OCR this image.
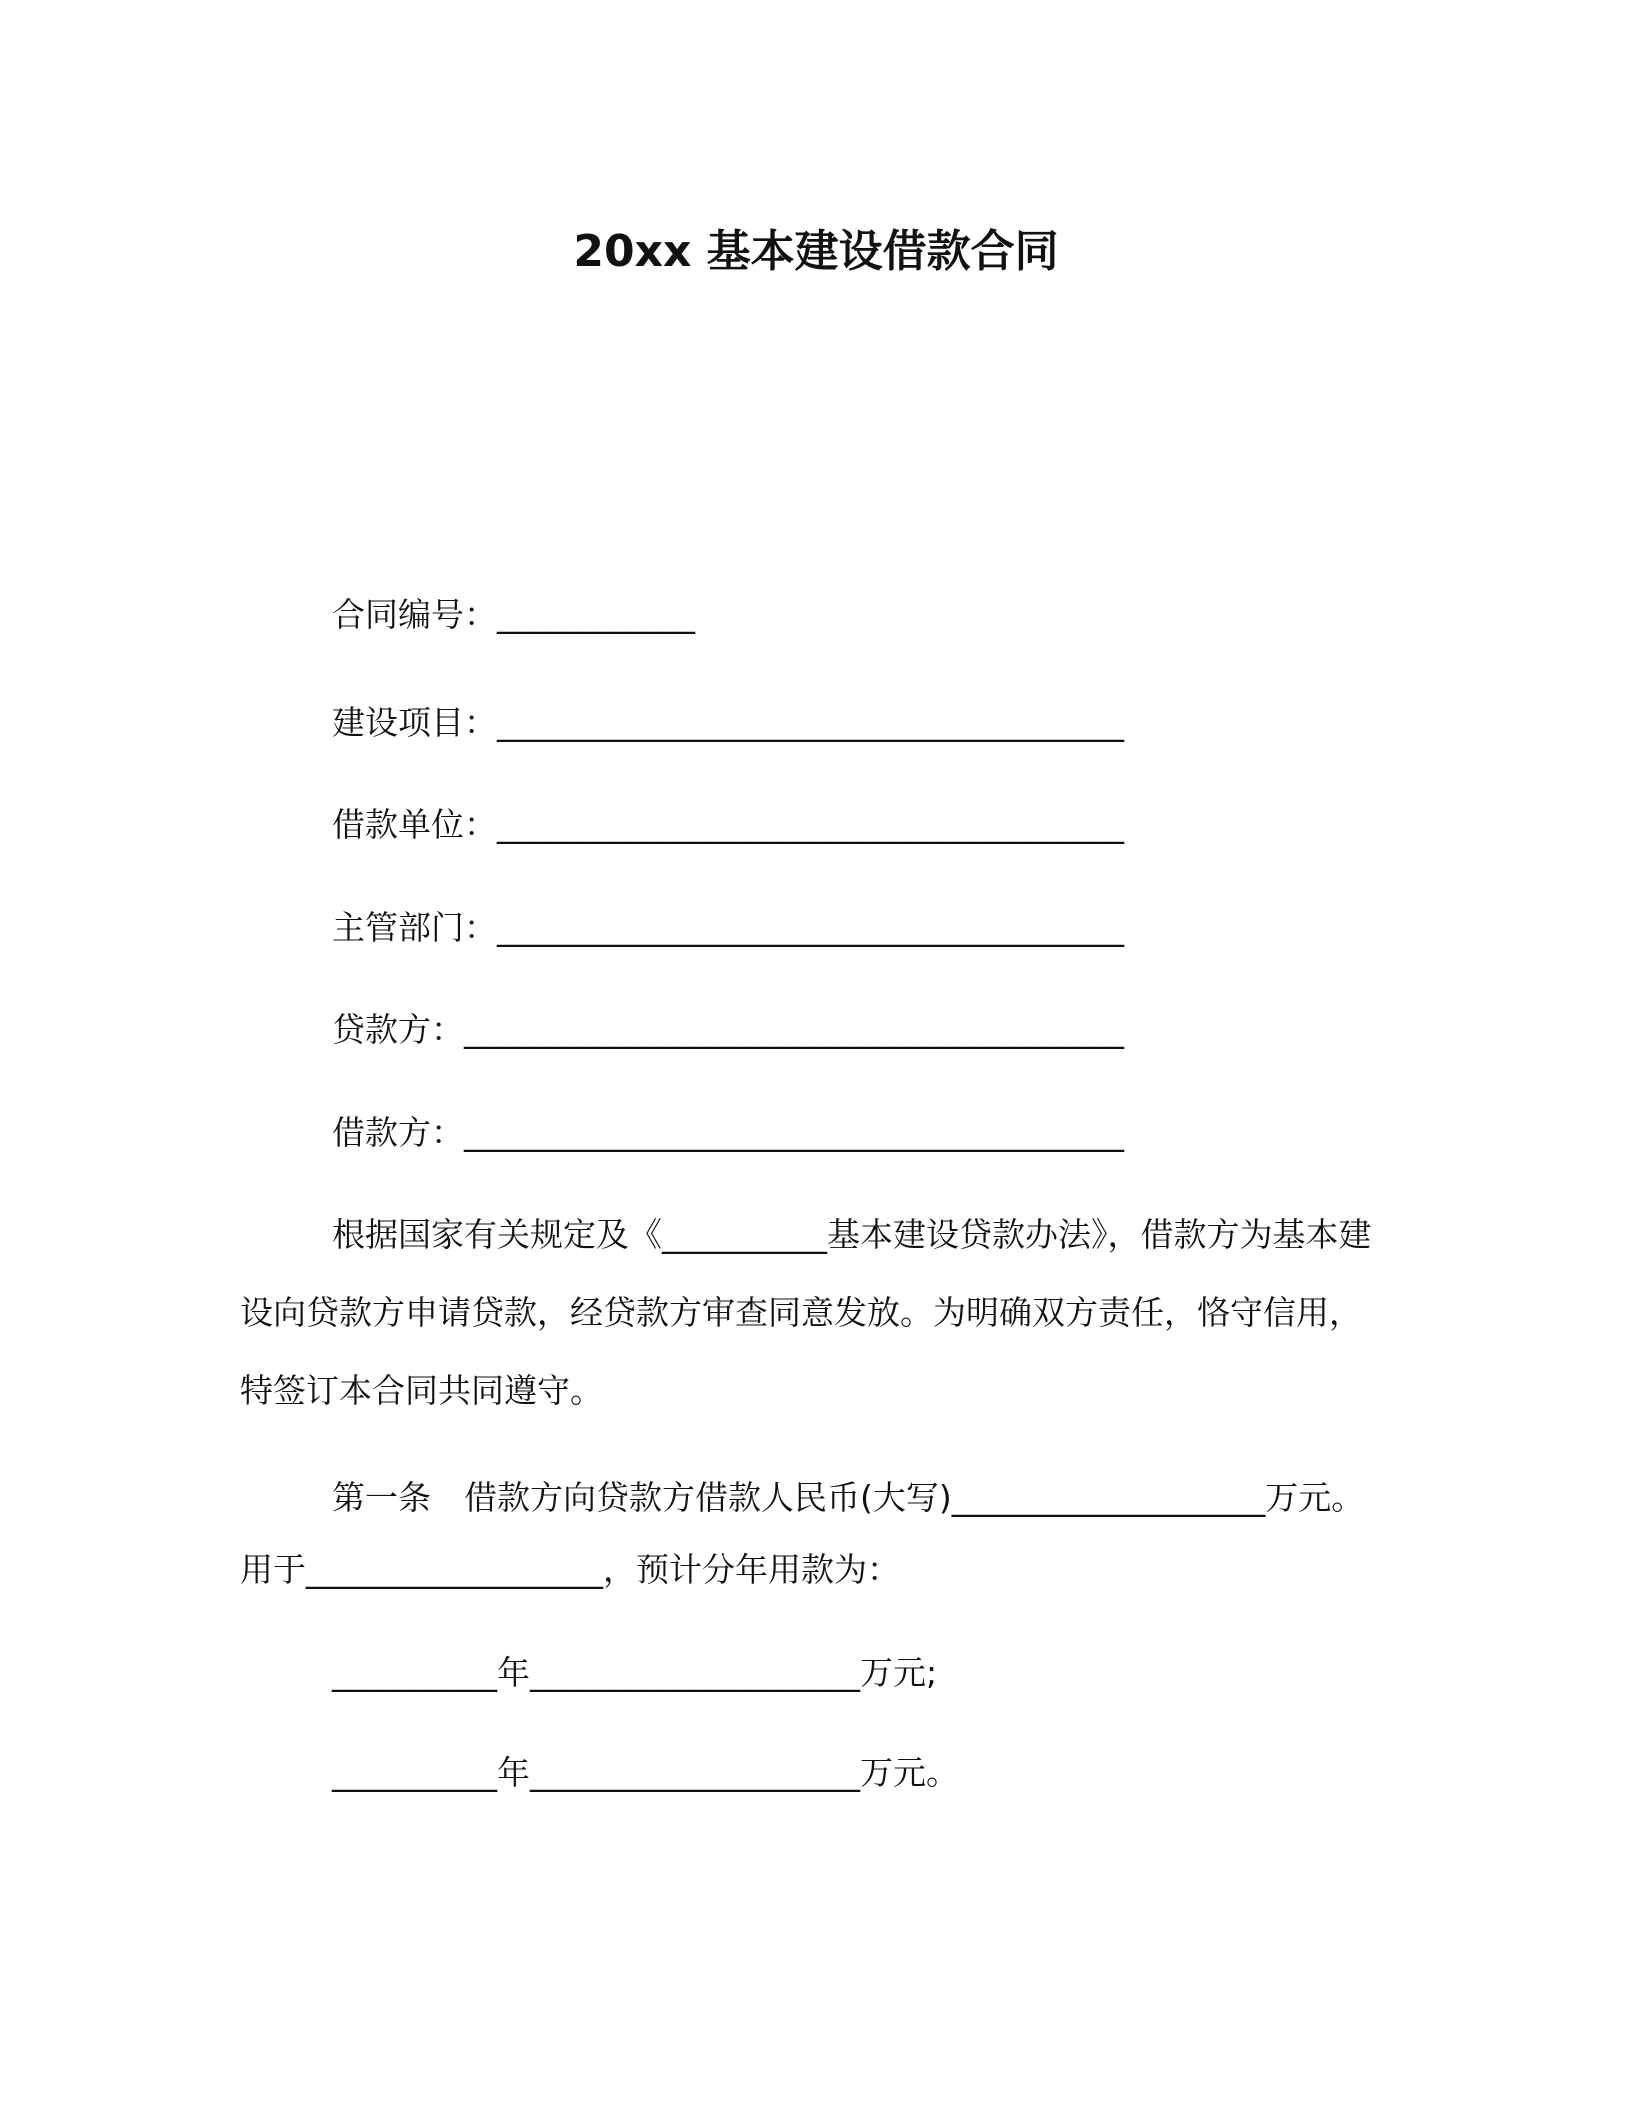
20xx 基本建设借款合同
合同编号：____________
建设项目：______________________________________
借款单位：______________________________________
主管部门：______________________________________
贷款方：________________________________________
借款方：________________________________________

根据国家有关规定及《__________基本建设贷款办法》，借款方为基本建设向贷款方申请贷款，经贷款方审查同意发放。为明确双方责任，恪守信用，特签订本合同共同遵守。

第一条　借款方向贷款方借款人民币(大写)___________________万元。用于__________________，预计分年用款为：

__________年____________________万元;
__________年____________________万元。
